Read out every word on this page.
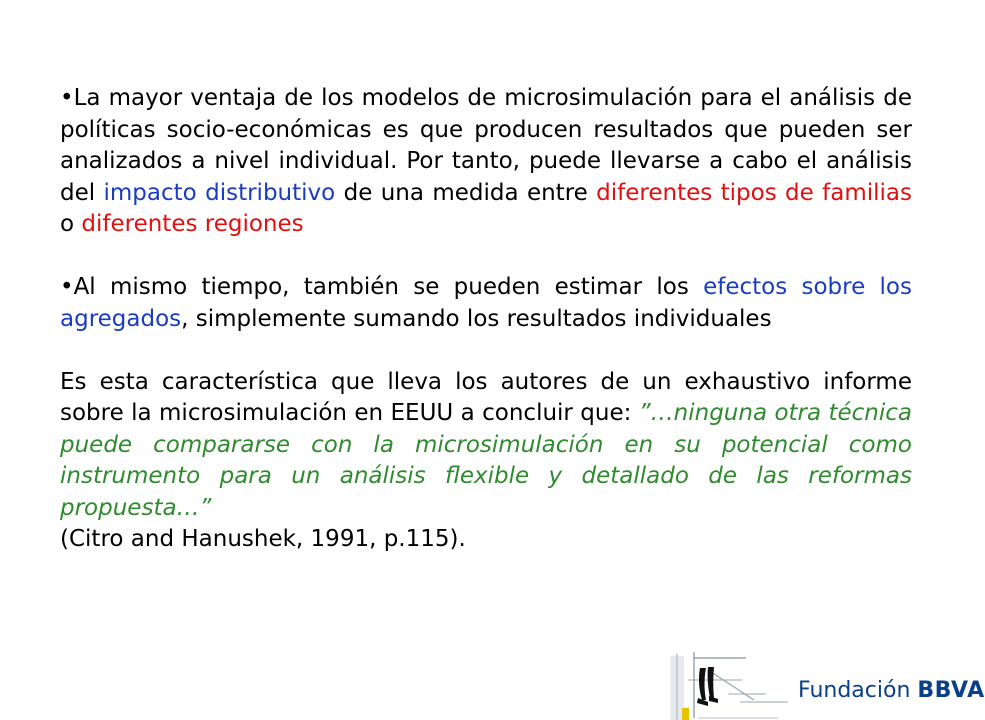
•La mayor ventaja de los modelos de microsimulación para el análisis de políticas socio-económicas es que producen resultados que pueden ser analizados a nivel individual. Por tanto, puede llevarse a cabo el análisis del impacto distributivo de una medida entre diferentes tipos de familias o diferentes regiones

•Al mismo tiempo, también se pueden estimar los efectos sobre los agregados, simplemente sumando los resultados individuales

Es esta característica que lleva los autores de un exhaustivo informe sobre la microsimulación en EEUU a concluir que: ”…ninguna otra técnica puede compararse con la microsimulación en su potencial como instrumento para un análisis flexible y detallado de las reformas propuesta…”

(Citro and Hanushek, 1991, p.115).

Fundación BBVA
